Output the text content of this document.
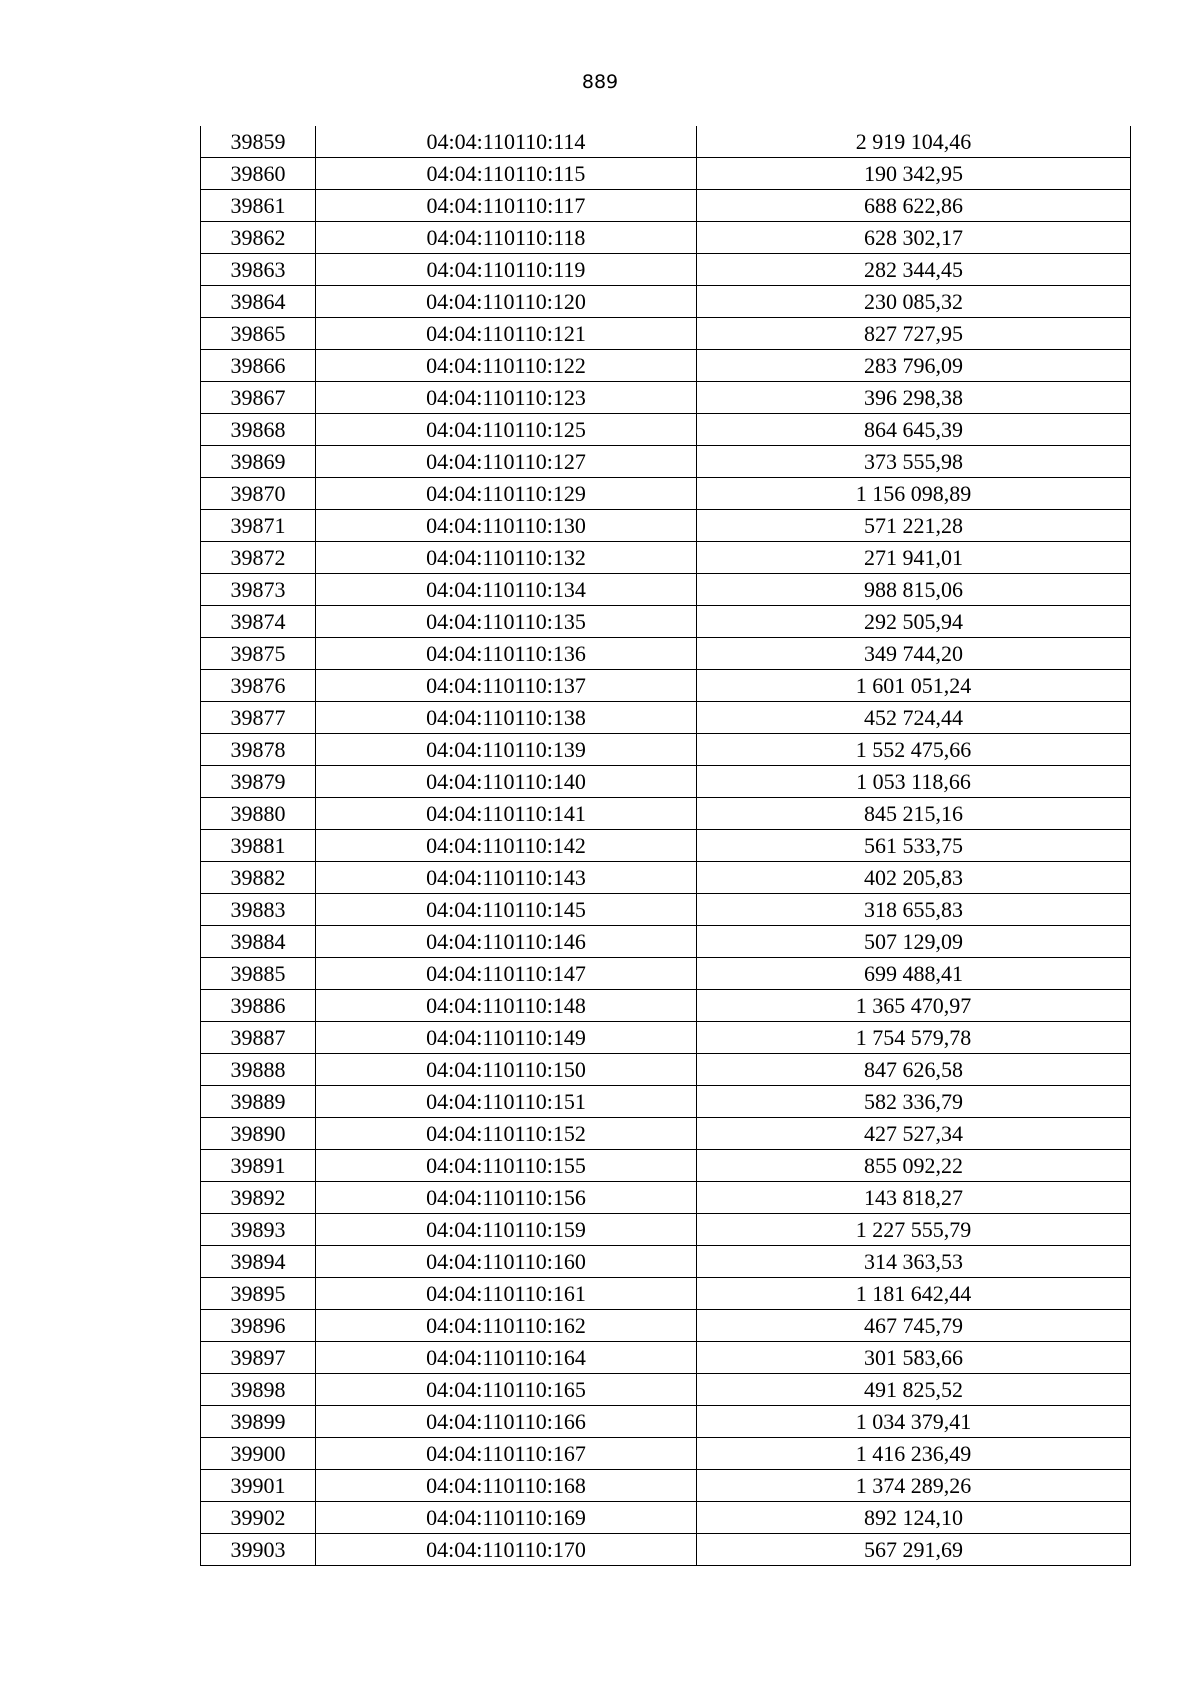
889
39859	04:04:110110:114	2 919 104,46
39860	04:04:110110:115	190 342,95
39861	04:04:110110:117	688 622,86
39862	04:04:110110:118	628 302,17
39863	04:04:110110:119	282 344,45
39864	04:04:110110:120	230 085,32
39865	04:04:110110:121	827 727,95
39866	04:04:110110:122	283 796,09
39867	04:04:110110:123	396 298,38
39868	04:04:110110:125	864 645,39
39869	04:04:110110:127	373 555,98
39870	04:04:110110:129	1 156 098,89
39871	04:04:110110:130	571 221,28
39872	04:04:110110:132	271 941,01
39873	04:04:110110:134	988 815,06
39874	04:04:110110:135	292 505,94
39875	04:04:110110:136	349 744,20
39876	04:04:110110:137	1 601 051,24
39877	04:04:110110:138	452 724,44
39878	04:04:110110:139	1 552 475,66
39879	04:04:110110:140	1 053 118,66
39880	04:04:110110:141	845 215,16
39881	04:04:110110:142	561 533,75
39882	04:04:110110:143	402 205,83
39883	04:04:110110:145	318 655,83
39884	04:04:110110:146	507 129,09
39885	04:04:110110:147	699 488,41
39886	04:04:110110:148	1 365 470,97
39887	04:04:110110:149	1 754 579,78
39888	04:04:110110:150	847 626,58
39889	04:04:110110:151	582 336,79
39890	04:04:110110:152	427 527,34
39891	04:04:110110:155	855 092,22
39892	04:04:110110:156	143 818,27
39893	04:04:110110:159	1 227 555,79
39894	04:04:110110:160	314 363,53
39895	04:04:110110:161	1 181 642,44
39896	04:04:110110:162	467 745,79
39897	04:04:110110:164	301 583,66
39898	04:04:110110:165	491 825,52
39899	04:04:110110:166	1 034 379,41
39900	04:04:110110:167	1 416 236,49
39901	04:04:110110:168	1 374 289,26
39902	04:04:110110:169	892 124,10
39903	04:04:110110:170	567 291,69
